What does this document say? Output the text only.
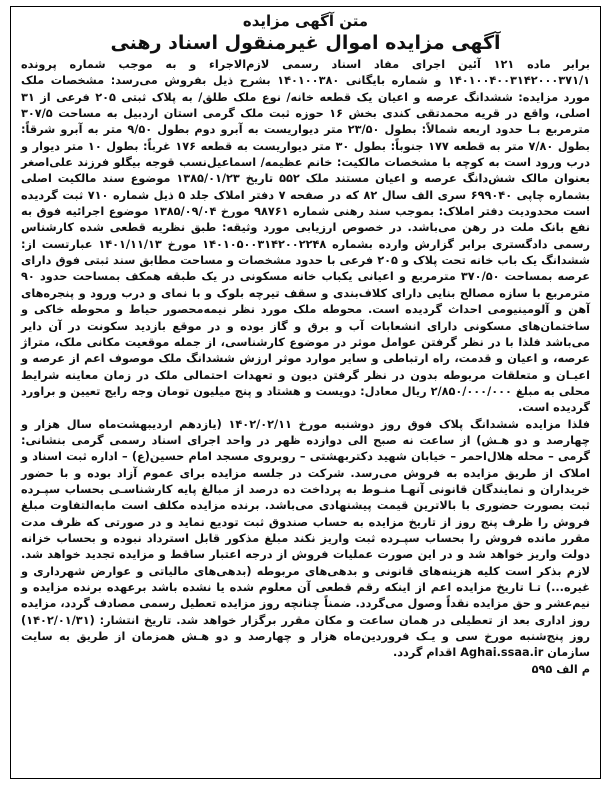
متن آگهی مزایده
آگهی مزایده اموال غیرمنقول اسناد رهنی

برابر ماده ۱۲۱ آئین اجرای مفاد اسناد رسمی لازم‌الاجراء و به موجب شماره پرونده ۱۴۰۱۰۰۴۰۰۳۱۴۲۰۰۰۳۷۱/۱ و شماره بایگانی ۱۴۰۱۰۰۳۸۰ بشرح ذیل بفروش می‌رسد: مشخصات ملک مورد مزایده: ششدانگ عرصه و اعیان یک قطعه خانه/ نوع ملک طلق/ به پلاک ثبتی ۲۰۵ فرعی از ۳۱ اصلی، واقع در قریه محمدتقی کندی بخش ۱۶ حوزه ثبت ملک گرمی استان اردبیل به مساحت ۳۰۷/۵ مترمربع بـا حدود اربعه شمالاً: بطول ۲۳/۵۰ متر دیواریست به آبرو دوم بطول ۹/۵۰ متر به آبرو شرقاً: بطول ۷/۸۰ متر به قطعه ۱۷۷ جنوباً: بطول ۳۰ متر دیواریست به قطعه ۱۷۶ غرباً: بطول ۱۰ متر دیوار و درب ورود است به کوچه با مشخصات مالکیت: خانم عظیمه/ اسماعیل‌نسب قوجه بیگلو فرزند علی‌اصغر بعنوان مالک شش‌دانگ عرصه و اعیان مستند ملک ۵۵۲ تاریخ ۱۳۸۵/۰۱/۲۳ موضوع سند مالکیت اصلی بشماره چاپی ۶۹۹۰۴۰ سری الف سال ۸۲ که در صفحه ۷ دفتر املاک جلد ۵ ذیل شماره ۷۱۰ ثبت گردیده است محدودیت دفتر املاک: بموجب سند رهنی شماره ۹۸۷۶۱ مورخ ۱۳۸۵/۰۹/۰۴ موضوع اجرائیه فوق به نفع بانک ملت در رهن می‌باشد. در خصوص ارزیابی مورد وثیقه: طبق نظریه قطعی شده کارشناس رسمی دادگستری برابر گزارش وارده بشماره ۱۴۰۱۰۵۰۰۳۱۴۲۰۰۲۲۴۸ مورخ ۱۴۰۱/۱۱/۱۳ عبارتست از: ششدانگ یک باب خانه تحت پلاک و ۲۰۵ فرعی با حدود مشخصات و مساحت مطابق سند ثبتی فوق دارای عرصه بمساحت ۳۷۰/۵۰ مترمربع و اعیانی یکباب خانه مسکونی در یک طبقه همکف بمساحت حدود ۹۰ مترمربع با سازه مصالح بنایی دارای کلاف‌بندی و سقف تیرچه بلوک و با نمای و درب ورود و پنجره‌های آهن و آلومینیومی احداث گردیده است. محوطه ملک مورد نظر نیمه‌محصور حیاط و محوطه خاکی و ساختمان‌های مسکونی دارای انشعابات آب و برق و گاز بوده و در موقع بازدید سکونت در آن دایر می‌باشد فلذا با در نظر گرفتن عوامل موثر در موضوع کارشناسی، از جمله موقعیت مکانی ملک، متراژ عرصه، و اعیان و قدمت، راه ارتباطی و سایر موارد موثر ارزش ششدانگ ملک موصوف اعم از عرصه و اعیـان و متعلقات مربوطه بدون در نظر گرفتن دیون و تعهدات احتمالی ملک در زمان معاینه شرایط محلی به مبلغ ۲/۸۵۰/۰۰۰/۰۰۰ ریال معادل: دویست و هشتاد و پنج میلیون تومان وجه رایج تعیین و براورد گردیده است.

فلذا مزایده ششدانگ پلاک فوق روز دوشنبه مورخ ۱۴۰۲/۰۲/۱۱ (یازدهم اردیبهشت‌ماه سال هزار و چهارصد و دو هـش) از ساعت نه صبح الی دوازده ظهر در واحد اجرای اسناد رسمی گرمی بنشانی: گرمی – محله هلال‌احمر – خیابان شهید دکتربهشتی – روبروی مسجد امام حسین(ع) – اداره ثبت اسناد و املاک از طریق مزایده به فروش می‌رسد. شرکت در جلسه مزایده برای عموم آزاد بوده و با حضور خریداران و نمایندگان قانونی آنهـا منـوط به پرداخت ده درصد از مبالغ پایه کارشناسـی بحساب سپـرده ثبت بصورت حضوری با بالاترین قیمت پیشنهادی می‌باشد. برنده مزایده مکلف است مابه‌التفاوت مبلغ فروش را ظرف پنج روز از تاریخ مزایده به حساب صندوق ثبت تودیع نماید و در صورتی که ظرف مدت مقرر مانده فروش را بحساب سپـرده ثبت واریز نکند مبلغ مذکور قابل استرداد نبوده و بحساب خزانه دولت واریز خواهد شد و در این صورت عملیات فروش از درجه اعتبار ساقط و مزایده تجدید خواهد شد. لازم بذکر است کلیه هزینه‌های قانونی و بدهی‌های مربوطه (بدهی‌های مالیاتی و عوارض شهرداری و غیره...) تـا تاریخ مزایده اعم از اینکه رقم قطعی آن معلوم شده یا نشده باشد برعهده برنده مزایده و نیم‌عشر و حق مزایده نقداً وصول می‌گردد. ضمناً چنانچه روز مزایده تعطیل رسمی مصادف گردد، مزایده روز اداری بعد از تعطیلی در همان ساعت و مکان مقرر برگزار خواهد شد. تاریخ انتشار: (۱۴۰۲/۰۱/۳۱) روز پنج‌شنبه مورخ سی و یـک فروردین‌ماه هزار و چهارصد و دو هـش همزمان از طریق به سایت سازمان Aghai.ssaa.ir اقدام گردد.

م الف ۵۹۵
